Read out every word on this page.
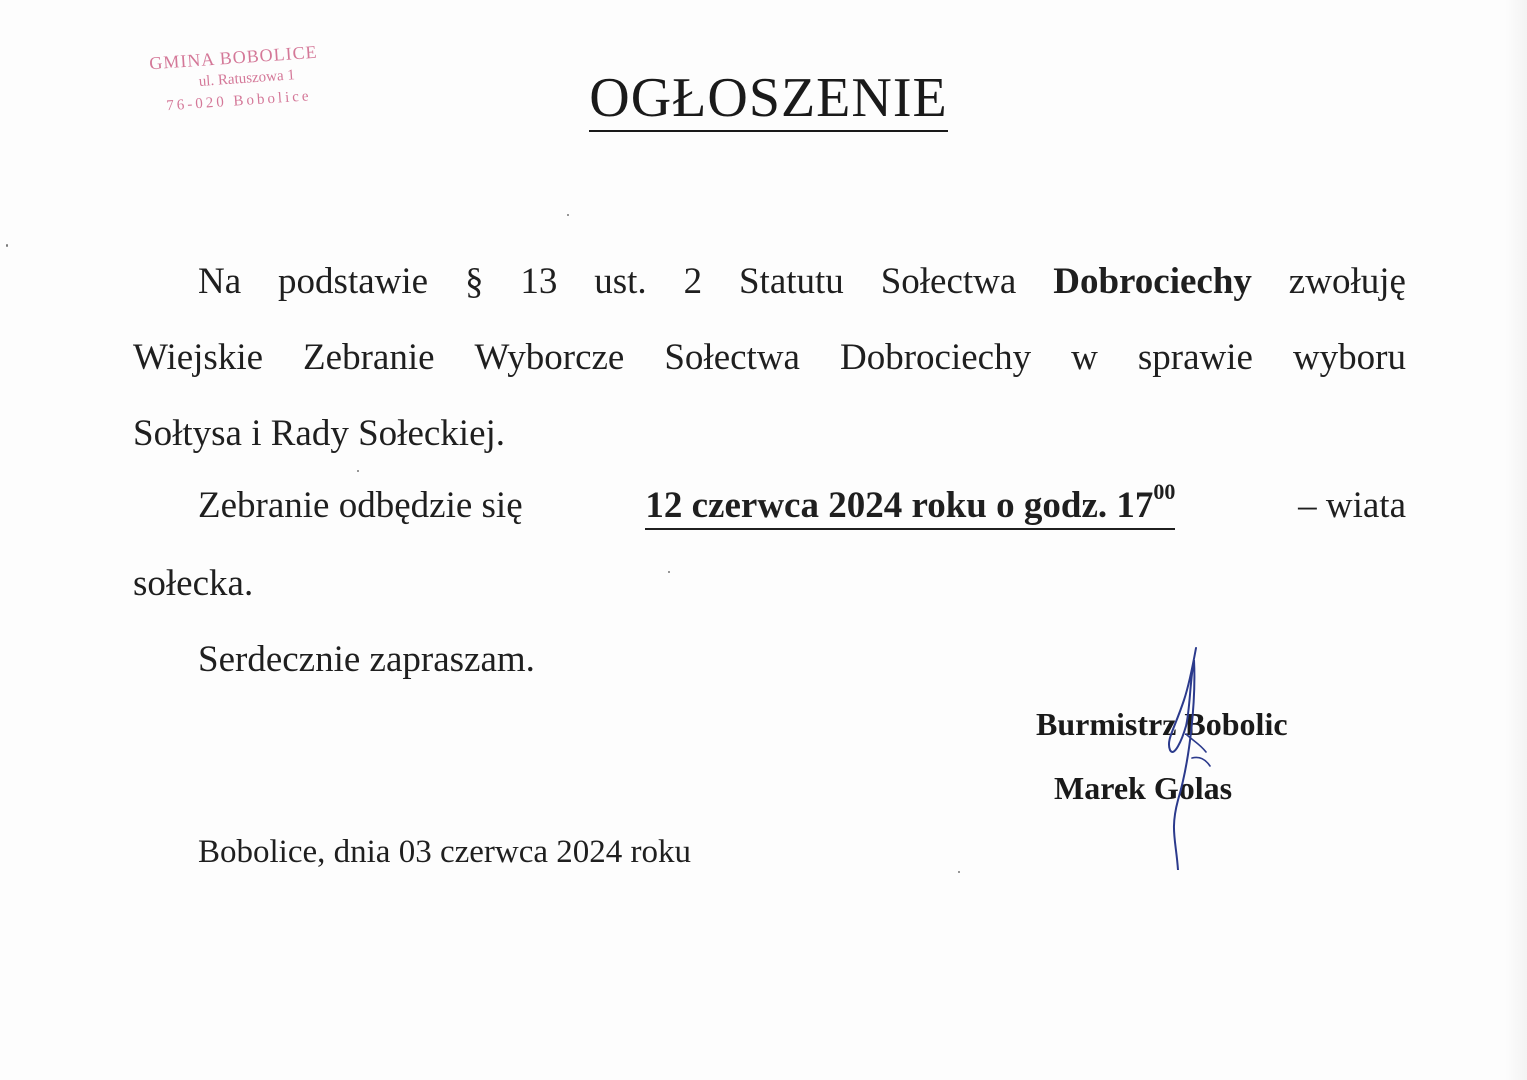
GMINA BOBOLICE
ul. Ratuszowa 1
76-020 Bobolice	OGŁOSZENIE
Na podstawie § 13 ust. 2 Statutu Sołectwa Dobrociechy zwołuję
Wiejskie Zebranie Wyborcze Sołectwa Dobrociechy w sprawie wyboru
Sołtysa i Rady Sołeckiej.
Zebranie odbędzie się	12 czerwca 2024 roku o godz. $17^{00}$	– wiata
sołecka.
Serdecznie zapraszam.
Burmistrz Bobolic
Marek Golas
Bobolice, dnia 03 czerwca 2024 roku
